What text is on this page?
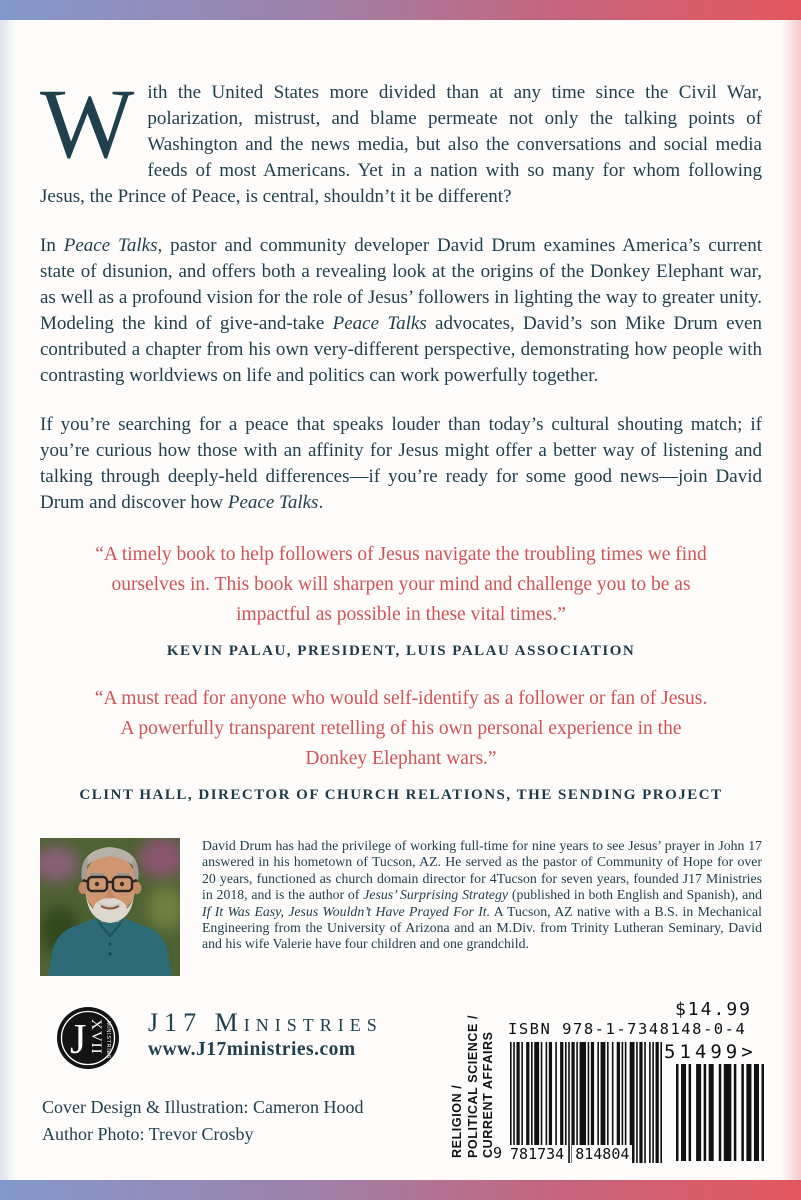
With the United States more divided than at any time since the Civil War, polarization, mistrust, and blame permeate not only the talking points of Washington and the news media, but also the conversations and social media feeds of most Americans. Yet in a nation with so many for whom following Jesus, the Prince of Peace, is central, shouldn’t it be different?

In Peace Talks, pastor and community developer David Drum examines America’s current state of disunion, and offers both a revealing look at the origins of the Donkey Elephant war, as well as a profound vision for the role of Jesus’ followers in lighting the way to greater unity. Modeling the kind of give-and-take Peace Talks advocates, David’s son Mike Drum even contributed a chapter from his own very-different perspective, demonstrating how people with contrasting worldviews on life and politics can work powerfully together.

If you’re searching for a peace that speaks louder than today’s cultural shouting match; if you’re curious how those with an affinity for Jesus might offer a better way of listening and talking through deeply-held differences—if you’re ready for some good news—join David Drum and discover how Peace Talks.

“A timely book to help followers of Jesus navigate the troubling times we find ourselves in. This book will sharpen your mind and challenge you to be as impactful as possible in these vital times.”

KEVIN PALAU, PRESIDENT, LUIS PALAU ASSOCIATION

“A must read for anyone who would self-identify as a follower or fan of Jesus. A powerfully transparent retelling of his own personal experience in the Donkey Elephant wars.”

CLINT HALL, DIRECTOR OF CHURCH RELATIONS, THE SENDING PROJECT

David Drum has had the privilege of working full-time for nine years to see Jesus’ prayer in John 17 answered in his hometown of Tucson, AZ. He served as the pastor of Community of Hope for over 20 years, functioned as church domain director for 4Tucson for seven years, founded J17 Ministries in 2018, and is the author of Jesus’ Surprising Strategy (published in both English and Spanish), and If It Was Easy, Jesus Wouldn’t Have Prayed For It. A Tucson, AZ native with a B.S. in Mechanical Engineering from the University of Arizona and an M.Div. from Trinity Lutheran Seminary, David and his wife Valerie have four children and one grandchild.

J XVII MINISTRIES J17 Ministries
www.J17ministries.com
Cover Design & Illustration: Cameron Hood
Author Photo: Trevor Crosby	RELIGION / POLITICAL SCIENCE / CURRENT AFFAIRS
$14.99
ISBN 978-1-7348148-0-4
51499>
9 781734 814804
